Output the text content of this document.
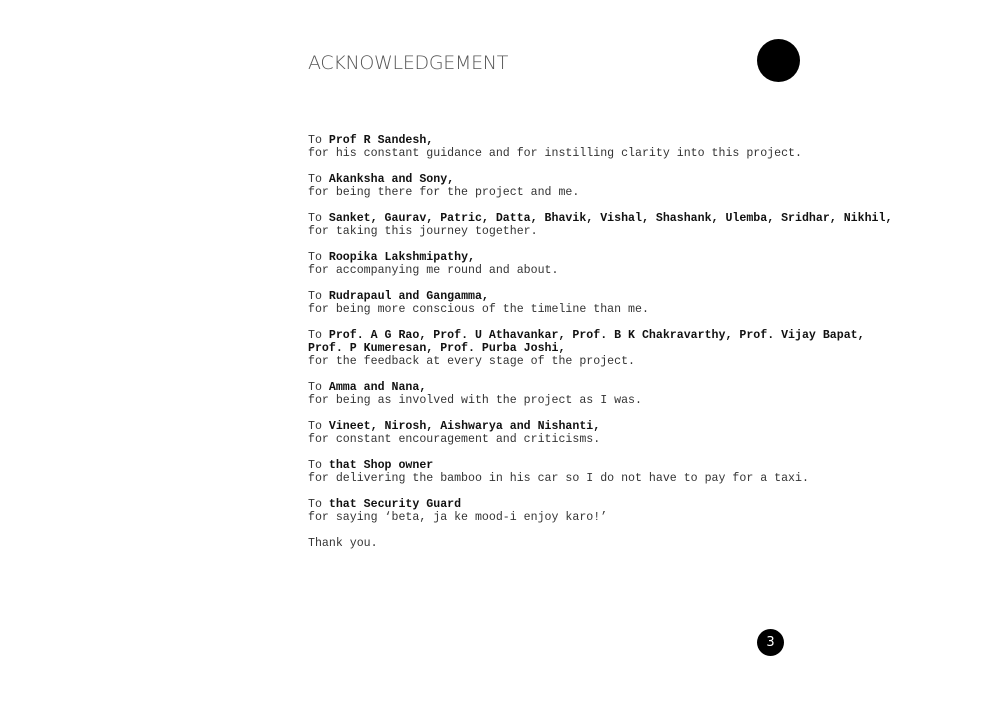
ACKNOWLEDGEMENT
To Prof R Sandesh,
for his constant guidance and for instilling clarity into this project.
To Akanksha and Sony,
for being there for the project and me.
To Sanket, Gaurav, Patric, Datta, Bhavik, Vishal, Shashank, Ulemba, Sridhar, Nikhil,
for taking this journey together.
To Roopika Lakshmipathy,
for accompanying me round and about.
To Rudrapaul and Gangamma,
for being more conscious of the timeline than me.
To Prof. A G Rao, Prof. U Athavankar, Prof. B K Chakravarthy, Prof. Vijay Bapat,
Prof. P Kumeresan, Prof. Purba Joshi,
for the feedback at every stage of the project.
To Amma and Nana,
for being as involved with the project as I was.
To Vineet, Nirosh, Aishwarya and Nishanti,
for constant encouragement and criticisms.
To that Shop owner
for delivering the bamboo in his car so I do not have to pay for a taxi.
To that Security Guard
for saying ‘beta, ja ke mood-i enjoy karo!’
Thank you.
3
